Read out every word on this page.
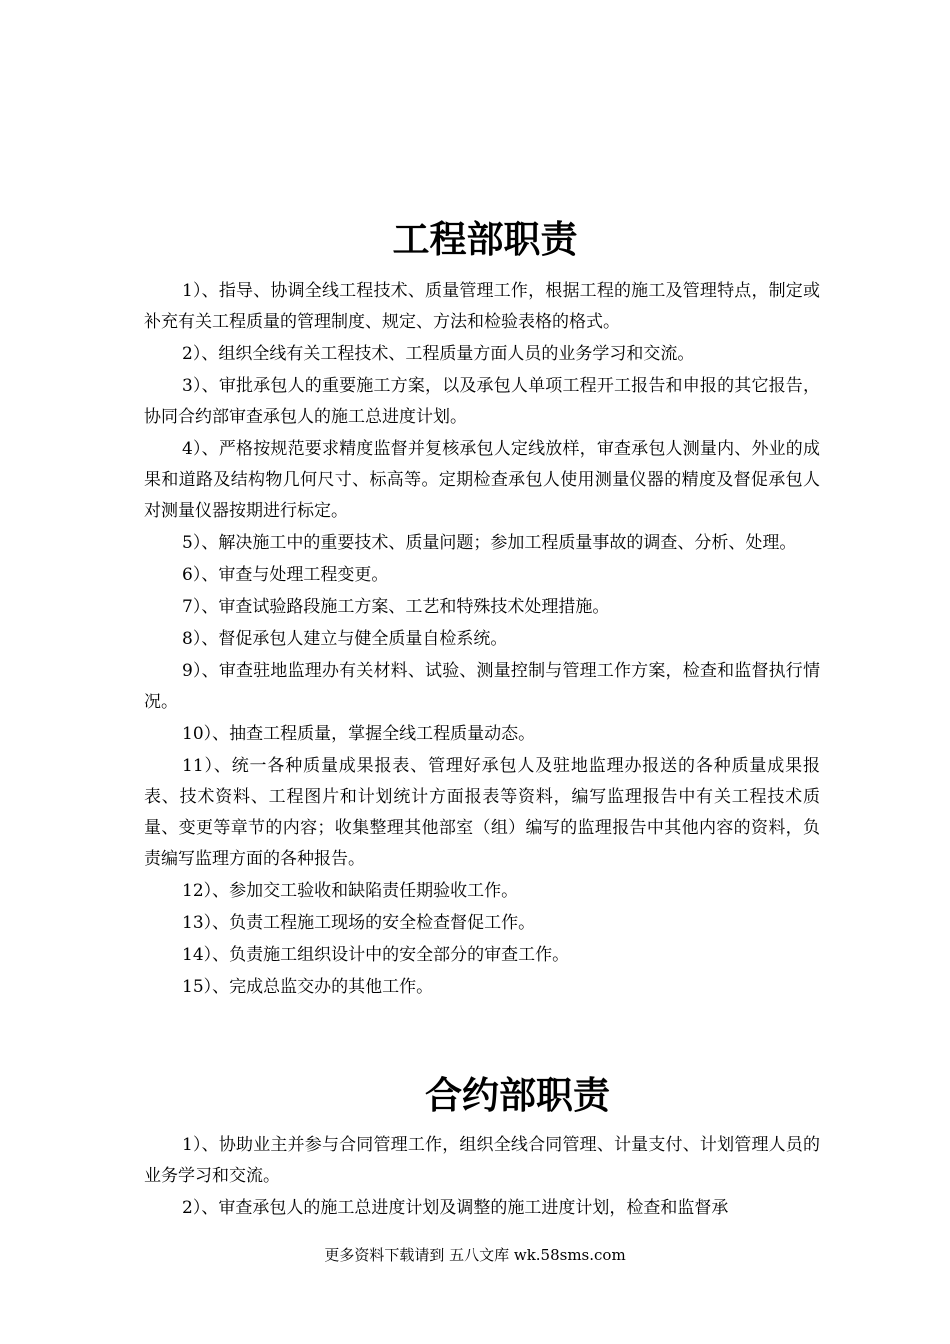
工程部职责
1）、指导、协调全线工程技术、质量管理工作，根据工程的施工及管理特点，制定或补充有关工程质量的管理制度、规定、方法和检验表格的格式。
2）、组织全线有关工程技术、工程质量方面人员的业务学习和交流。
3）、审批承包人的重要施工方案，以及承包人单项工程开工报告和申报的其它报告，协同合约部审查承包人的施工总进度计划。
4）、严格按规范要求精度监督并复核承包人定线放样，审查承包人测量内、外业的成果和道路及结构物几何尺寸、标高等。定期检查承包人使用测量仪器的精度及督促承包人对测量仪器按期进行标定。
5）、解决施工中的重要技术、质量问题；参加工程质量事故的调查、分析、处理。
6）、审查与处理工程变更。
7）、审查试验路段施工方案、工艺和特殊技术处理措施。
8）、督促承包人建立与健全质量自检系统。
9）、审查驻地监理办有关材料、试验、测量控制与管理工作方案，检查和监督执行情况。
10）、抽查工程质量，掌握全线工程质量动态。
11）、统一各种质量成果报表、管理好承包人及驻地监理办报送的各种质量成果报表、技术资料、工程图片和计划统计方面报表等资料，编写监理报告中有关工程技术质量、变更等章节的内容；收集整理其他部室（组）编写的监理报告中其他内容的资料，负责编写监理方面的各种报告。
12）、参加交工验收和缺陷责任期验收工作。
13）、负责工程施工现场的安全检查督促工作。
14）、负责施工组织设计中的安全部分的审查工作。
15）、完成总监交办的其他工作。
合约部职责
1）、协助业主并参与合同管理工作，组织全线合同管理、计量支付、计划管理人员的业务学习和交流。
2）、审查承包人的施工总进度计划及调整的施工进度计划，检查和监督承
更多资料下载请到 五八文库 wk.58sms.com
